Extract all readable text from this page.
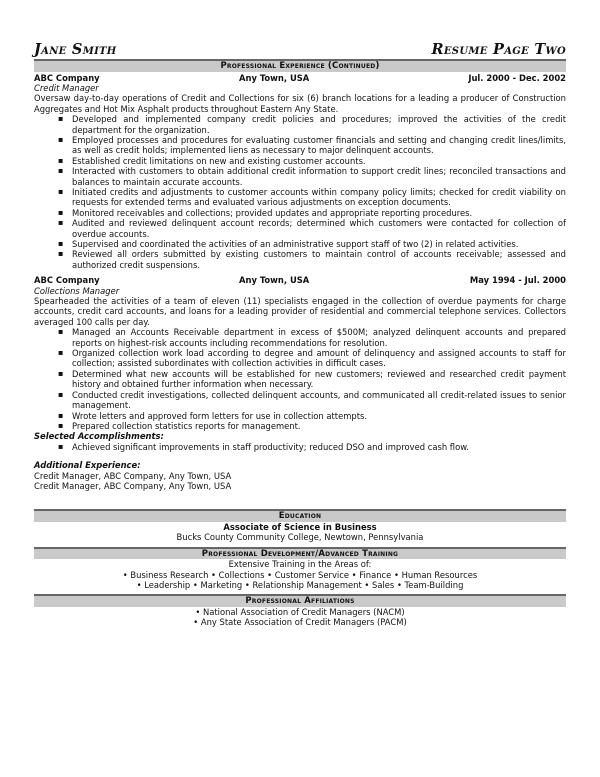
Jane Smith	Resume Page Two
Professional Experience (Continued)
ABC Company	Any Town, USA	Jul. 2000 - Dec. 2002
Credit Manager
Oversaw day-to-day operations of Credit and Collections for six (6) branch locations for a leading a producer of Construction Aggregates and Hot Mix Asphalt products throughout Eastern Any State.
▪ Developed and implemented company credit policies and procedures; improved the activities of the credit department for the organization.
▪ Employed processes and procedures for evaluating customer financials and setting and changing credit lines/limits, as well as credit holds; implemented liens as necessary to major delinquent accounts.
▪ Established credit limitations on new and existing customer accounts.
▪ Interacted with customers to obtain additional credit information to support credit lines; reconciled transactions and balances to maintain accurate accounts.
▪ Initiated credits and adjustments to customer accounts within company policy limits; checked for credit viability on requests for extended terms and evaluated various adjustments on exception documents.
▪ Monitored receivables and collections; provided updates and appropriate reporting procedures.
▪ Audited and reviewed delinquent account records; determined which customers were contacted for collection of overdue accounts.
▪ Supervised and coordinated the activities of an administrative support staff of two (2) in related activities.
▪ Reviewed all orders submitted by existing customers to maintain control of accounts receivable; assessed and authorized credit suspensions.
ABC Company	Any Town, USA	May 1994 - Jul. 2000
Collections Manager
Spearheaded the activities of a team of eleven (11) specialists engaged in the collection of overdue payments for charge accounts, credit card accounts, and loans for a leading provider of residential and commercial telephone services. Collectors averaged 100 calls per day.
▪ Managed an Accounts Receivable department in excess of $500M; analyzed delinquent accounts and prepared reports on highest-risk accounts including recommendations for resolution.
▪ Organized collection work load according to degree and amount of delinquency and assigned accounts to staff for collection; assisted subordinates with collection activities in difficult cases.
▪ Determined what new accounts will be established for new customers; reviewed and researched credit payment history and obtained further information when necessary.
▪ Conducted credit investigations, collected delinquent accounts, and communicated all credit-related issues to senior management.
▪ Wrote letters and approved form letters for use in collection attempts.
▪ Prepared collection statistics reports for management.
Selected Accomplishments:
▪ Achieved significant improvements in staff productivity; reduced DSO and improved cash flow.
Additional Experience:
Credit Manager, ABC Company, Any Town, USA
Credit Manager, ABC Company, Any Town, USA
Education
Associate of Science in Business
Bucks County Community College, Newtown, Pennsylvania
Professional Development/Advanced Training
Extensive Training in the Areas of:
• Business Research • Collections • Customer Service • Finance • Human Resources
• Leadership • Marketing • Relationship Management • Sales • Team-Building
Professional Affiliations
• National Association of Credit Managers (NACM)
• Any State Association of Credit Managers (PACM)
